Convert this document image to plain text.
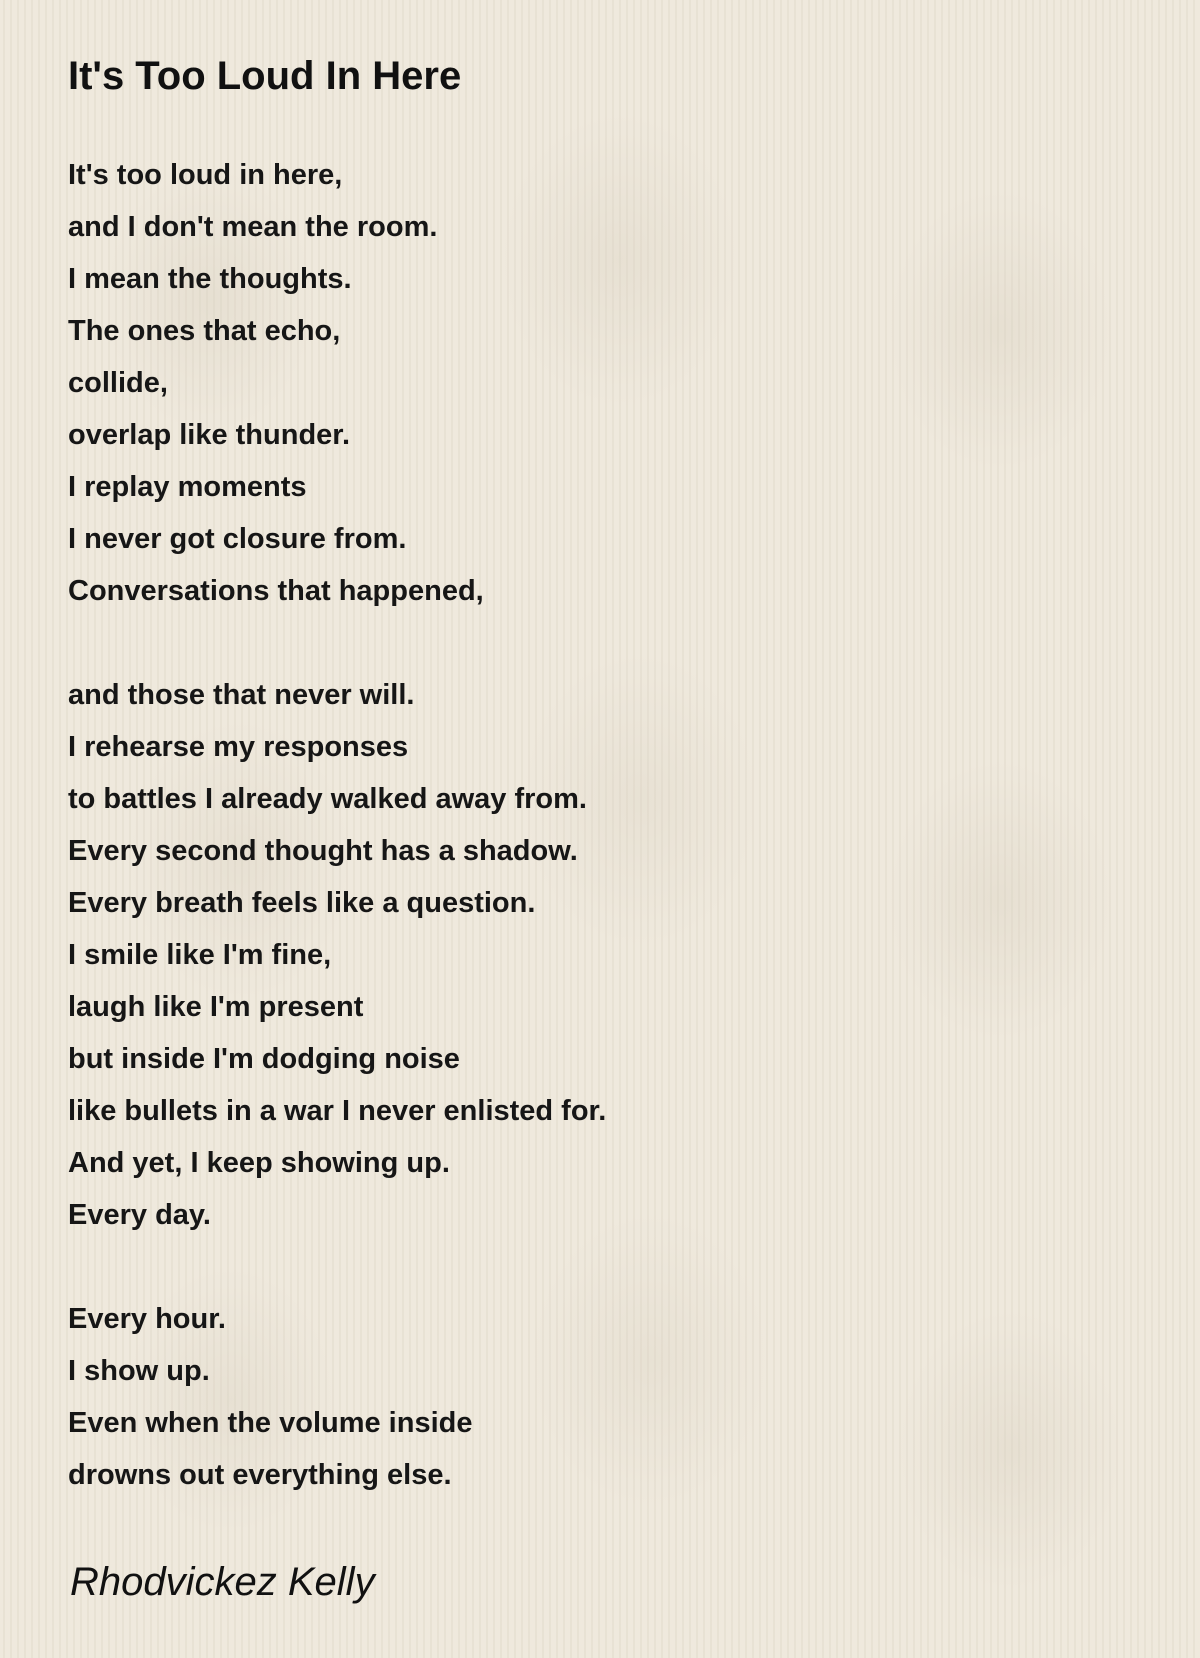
It's Too Loud In Here
It's too loud in here,
and I don't mean the room.
I mean the thoughts.
The ones that echo,
collide,
overlap like thunder.
I replay moments
I never got closure from.
Conversations that happened,
and those that never will.
I rehearse my responses
to battles I already walked away from.
Every second thought has a shadow.
Every breath feels like a question.
I smile like I'm fine,
laugh like I'm present
but inside I'm dodging noise
like bullets in a war I never enlisted for.
And yet, I keep showing up.
Every day.
Every hour.
I show up.
Even when the volume inside
drowns out everything else.

Rhodvickez Kelly
